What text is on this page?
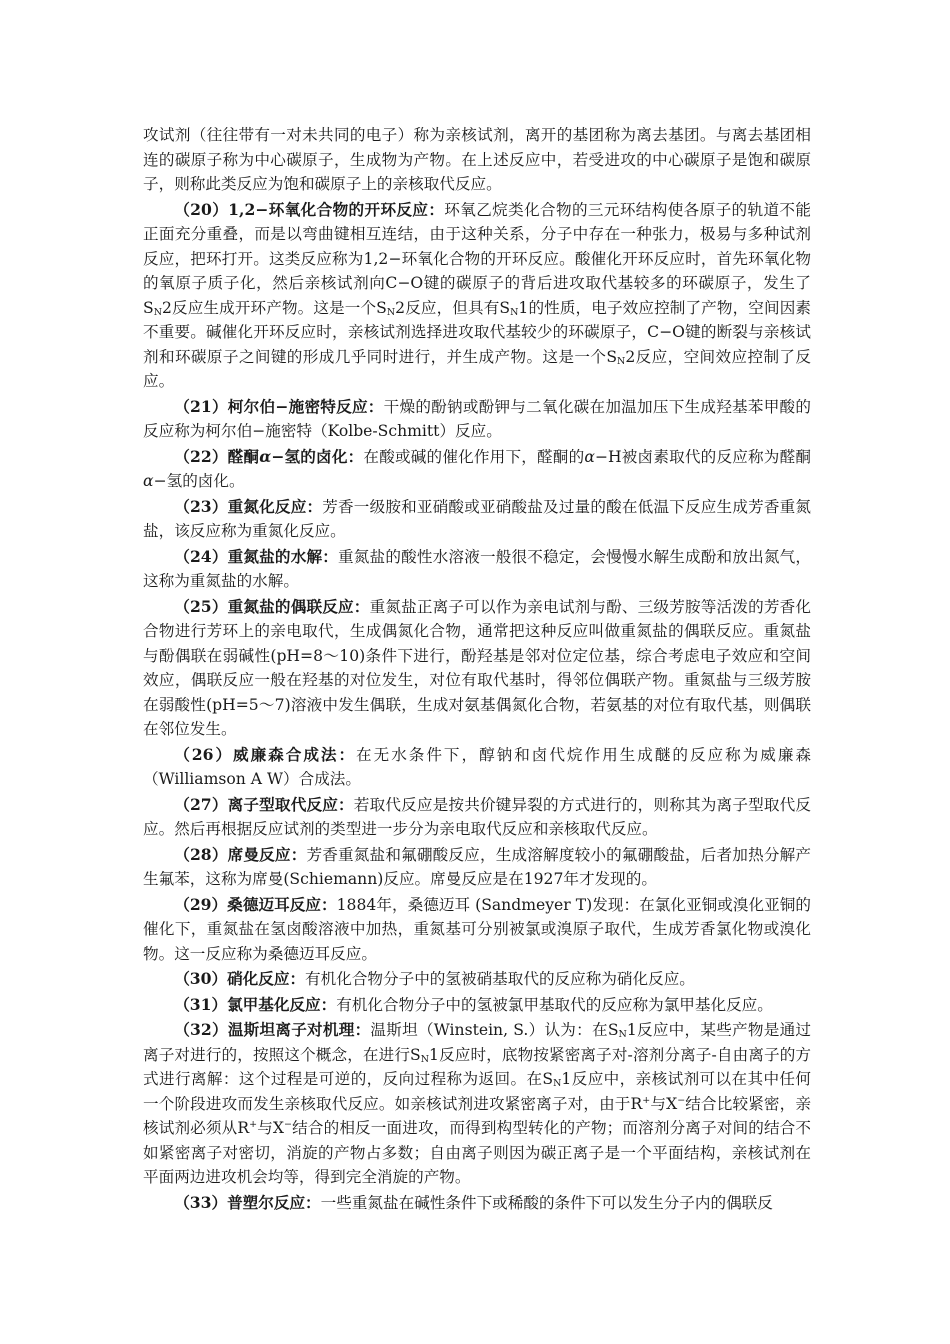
攻试剂（往往带有一对未共同的电子）称为亲核试剂，离开的基团称为离去基团。与离去基团相连的碳原子称为中心碳原子，生成物为产物。在上述反应中，若受进攻的中心碳原子是饱和碳原子，则称此类反应为饱和碳原子上的亲核取代反应。

（20）1,2−环氧化合物的开环反应：环氧乙烷类化合物的三元环结构使各原子的轨道不能正面充分重叠，而是以弯曲键相互连结，由于这种关系，分子中存在一种张力，极易与多种试剂反应，把环打开。这类反应称为1,2−环氧化合物的开环反应。酸催化开环反应时，首先环氧化物的氧原子质子化，然后亲核试剂向C−O键的碳原子的背后进攻取代基较多的环碳原子，发生了$S_N2$反应生成开环产物。这是一个$S_N2$反应，但具有$S_N1$的性质，电子效应控制了产物，空间因素不重要。碱催化开环反应时，亲核试剂选择进攻取代基较少的环碳原子，C−O键的断裂与亲核试剂和环碳原子之间键的形成几乎同时进行，并生成产物。这是一个$S_N2$反应，空间效应控制了反应。

（21）柯尔伯−施密特反应：干燥的酚钠或酚钾与二氧化碳在加温加压下生成羟基苯甲酸的反应称为柯尔伯−施密特（Kolbe-Schmitt）反应。

（22）醛酮α−氢的卤化：在酸或碱的催化作用下，醛酮的α−H被卤素取代的反应称为醛酮α−氢的卤化。

（23）重氮化反应：芳香一级胺和亚硝酸或亚硝酸盐及过量的酸在低温下反应生成芳香重氮盐，该反应称为重氮化反应。

（24）重氮盐的水解：重氮盐的酸性水溶液一般很不稳定，会慢慢水解生成酚和放出氮气，这称为重氮盐的水解。

（25）重氮盐的偶联反应：重氮盐正离子可以作为亲电试剂与酚、三级芳胺等活泼的芳香化合物进行芳环上的亲电取代，生成偶氮化合物，通常把这种反应叫做重氮盐的偶联反应。重氮盐与酚偶联在弱碱性(pH=8～10)条件下进行，酚羟基是邻对位定位基，综合考虑电子效应和空间效应，偶联反应一般在羟基的对位发生，对位有取代基时，得邻位偶联产物。重氮盐与三级芳胺在弱酸性(pH=5～7)溶液中发生偶联，生成对氨基偶氮化合物，若氨基的对位有取代基，则偶联在邻位发生。

（26）威廉森合成法：在无水条件下，醇钠和卤代烷作用生成醚的反应称为威廉森（Williamson A W）合成法。

（27）离子型取代反应：若取代反应是按共价键异裂的方式进行的，则称其为离子型取代反应。然后再根据反应试剂的类型进一步分为亲电取代反应和亲核取代反应。

（28）席曼反应：芳香重氮盐和氟硼酸反应，生成溶解度较小的氟硼酸盐，后者加热分解产生氟苯，这称为席曼(Schiemann)反应。席曼反应是在1927年才发现的。

（29）桑德迈耳反应：1884年，桑德迈耳 (Sandmeyer T)发现：在氯化亚铜或溴化亚铜的催化下，重氮盐在氢卤酸溶液中加热，重氮基可分别被氯或溴原子取代，生成芳香氯化物或溴化物。这一反应称为桑德迈耳反应。

（30）硝化反应：有机化合物分子中的氢被硝基取代的反应称为硝化反应。

（31）氯甲基化反应：有机化合物分子中的氢被氯甲基取代的反应称为氯甲基化反应。

（32）温斯坦离子对机理：温斯坦（Winstein, S.）认为：在$S_N1$反应中，某些产物是通过离子对进行的，按照这个概念，在进行$S_N1$反应时，底物按紧密离子对-溶剂分离子-自由离子的方式进行离解：这个过程是可逆的，反向过程称为返回。在$S_N1$反应中，亲核试剂可以在其中任何一个阶段进攻而发生亲核取代反应。如亲核试剂进攻紧密离子对，由于R+与X−结合比较紧密，亲核试剂必须从R+与X−结合的相反一面进攻，而得到构型转化的产物；而溶剂分离子对间的结合不如紧密离子对密切，消旋的产物占多数；自由离子则因为碳正离子是一个平面结构，亲核试剂在平面两边进攻机会均等，得到完全消旋的产物。

（33）普塑尔反应：一些重氮盐在碱性条件下或稀酸的条件下可以发生分子内的偶联反
